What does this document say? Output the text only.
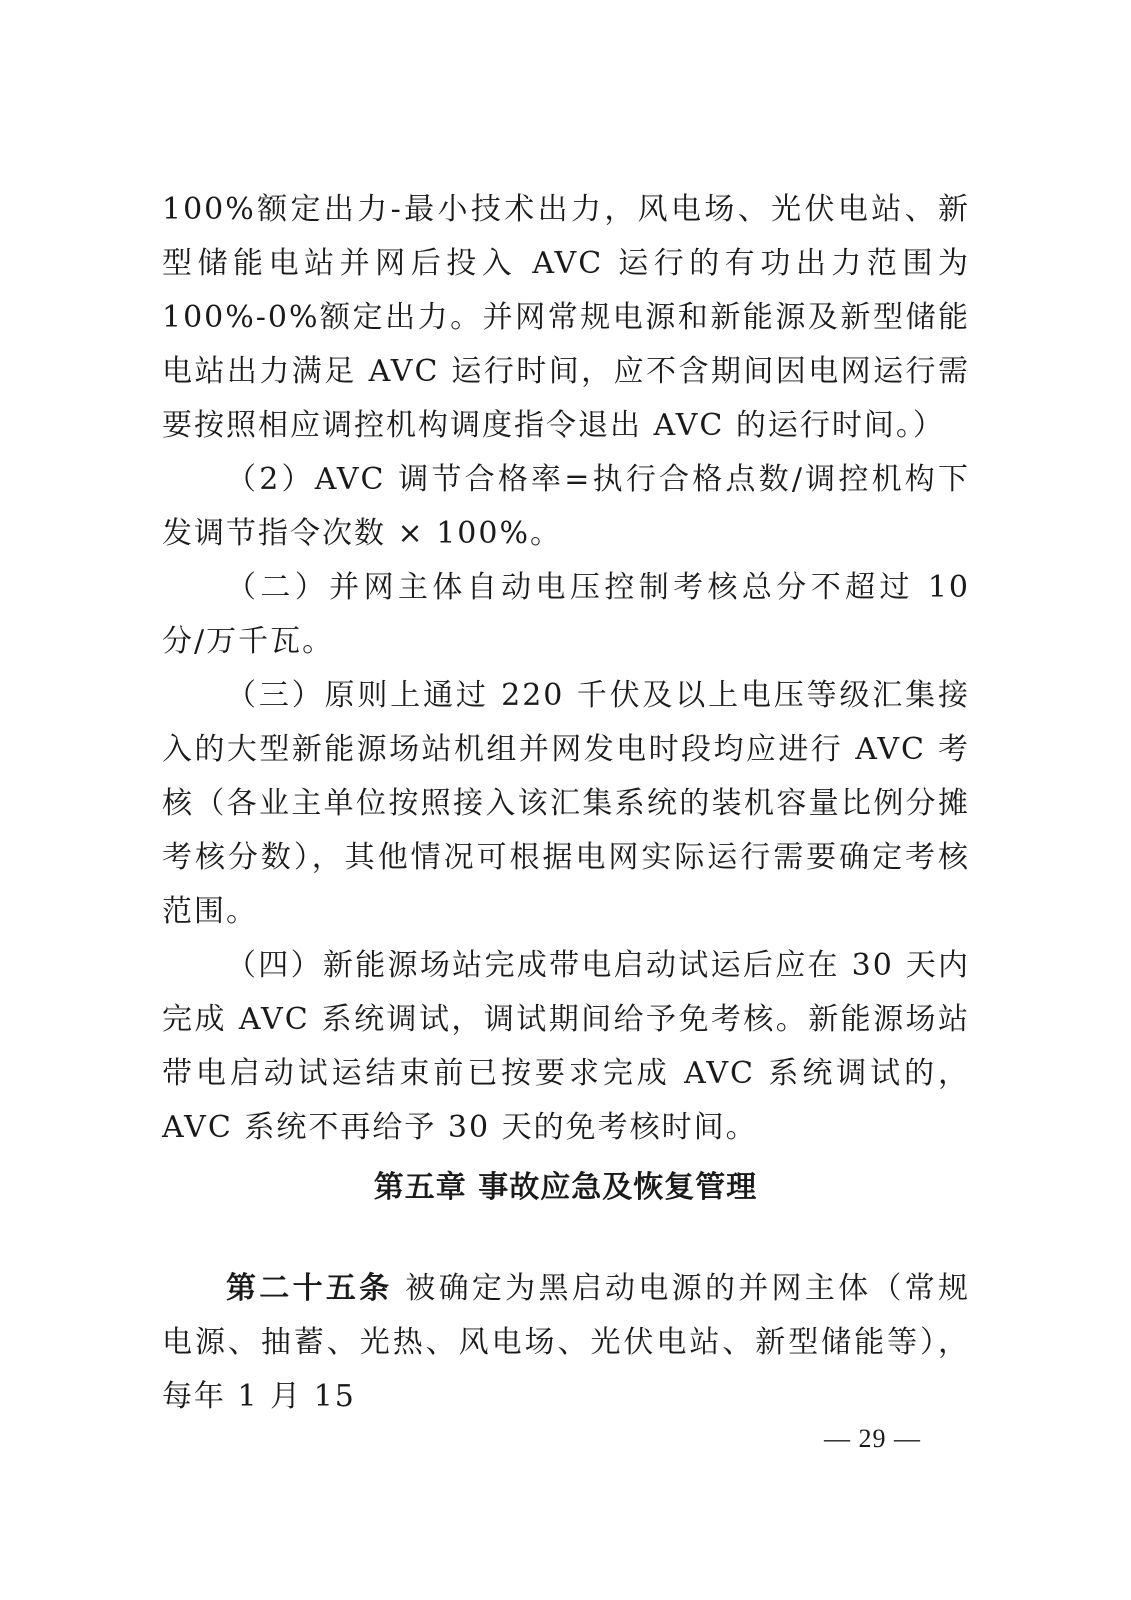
100%额定出力-最小技术出力，风电场、光伏电站、新型储能电站并网后投入 AVC 运行的有功出力范围为 100%-0%额定出力。并网常规电源和新能源及新型储能电站出力满足 AVC 运行时间，应不含期间因电网运行需要按照相应调控机构调度指令退出 AVC 的运行时间。）

（2）AVC 调节合格率=执行合格点数/调控机构下发调节指令次数 × 100%。

（二）并网主体自动电压控制考核总分不超过 10 分/万千瓦。

（三）原则上通过 220 千伏及以上电压等级汇集接入的大型新能源场站机组并网发电时段均应进行 AVC 考核（各业主单位按照接入该汇集系统的装机容量比例分摊考核分数），其他情况可根据电网实际运行需要确定考核范围。

（四）新能源场站完成带电启动试运后应在 30 天内完成 AVC 系统调试，调试期间给予免考核。新能源场站带电启动试运结束前已按要求完成 AVC 系统调试的，AVC 系统不再给予 30 天的免考核时间。

第五章 事故应急及恢复管理

第二十五条 被确定为黑启动电源的并网主体（常规电源、抽蓄、光热、风电场、光伏电站、新型储能等），每年 1 月 15

— 29 —
